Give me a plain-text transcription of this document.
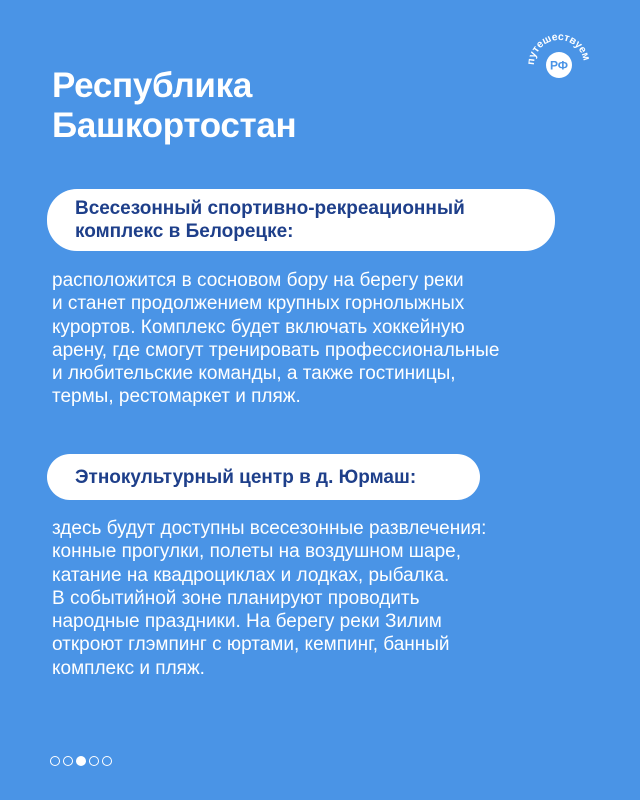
Республика
Башкортостан
путешествуем
РФ
Всесезонный спортивно-рекреационный
комплекс в Белорецке:
расположится в сосновом бору на берегу реки
и станет продолжением крупных горнолыжных
курортов. Комплекс будет включать хоккейную
арену, где смогут тренировать профессиональные
и любительские команды, а также гостиницы,
термы, рестомаркет и пляж.
Этнокультурный центр в д. Юрмаш:
здесь будут доступны всесезонные развлечения:
конные прогулки, полеты на воздушном шаре,
катание на квадроциклах и лодках, рыбалка.
В событийной зоне планируют проводить
народные праздники. На берегу реки Зилим
откроют глэмпинг с юртами, кемпинг, банный
комплекс и пляж.
